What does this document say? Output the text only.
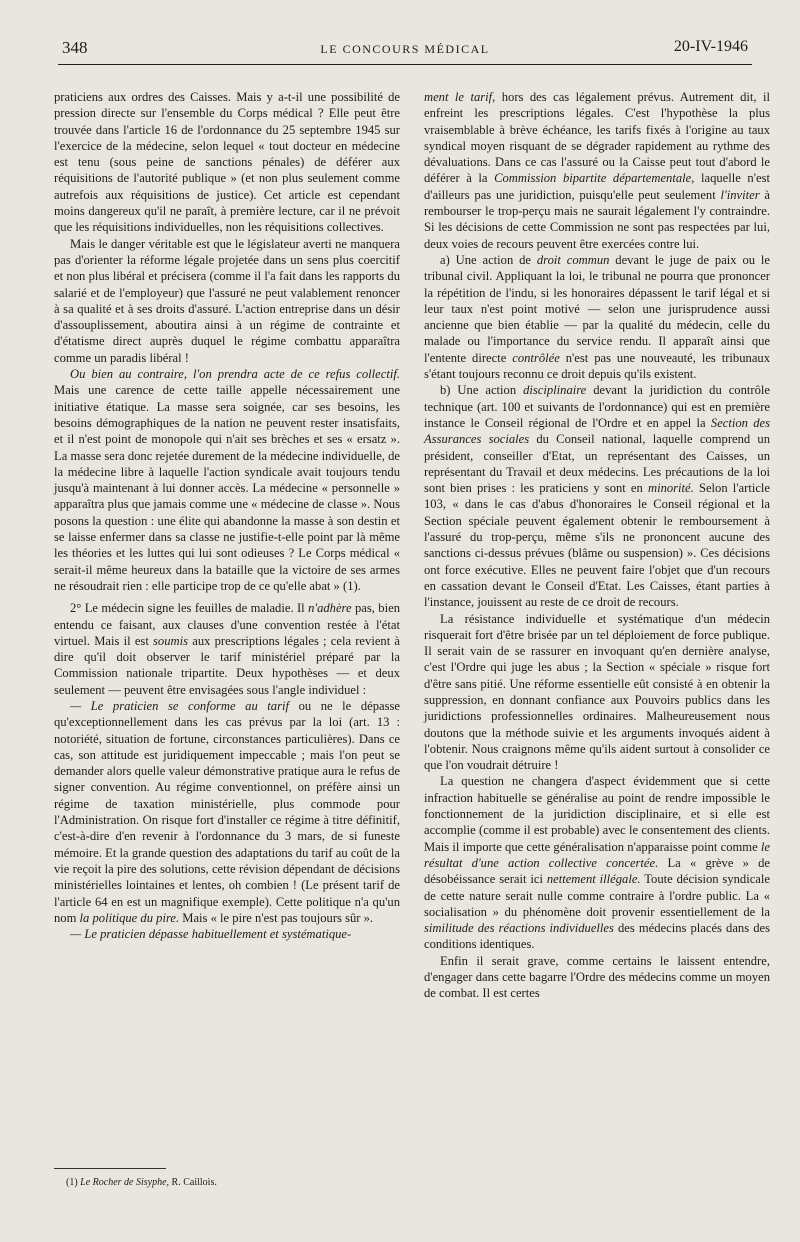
348	LE CONCOURS MÉDICAL	20-IV-1946

praticiens aux ordres des Caisses. Mais y a-t-il une possibilité de pression directe sur l'ensemble du Corps médical ? Elle peut être trouvée dans l'article 16 de l'ordonnance du 25 septembre 1945 sur l'exercice de la médecine, selon lequel « tout docteur en médecine est tenu (sous peine de sanctions pénales) de déférer aux réquisitions de l'autorité publique » (et non plus seulement comme autrefois aux réquisitions de justice). Cet article est cependant moins dangereux qu'il ne paraît, à première lecture, car il ne prévoit que les réquisitions individuelles, non les réquisitions collectives.

Mais le danger véritable est que le législateur averti ne manquera pas d'orienter la réforme légale projetée dans un sens plus coercitif et non plus libéral et précisera (comme il l'a fait dans les rapports du salarié et de l'employeur) que l'assuré ne peut valablement renoncer à sa qualité et à ses droits d'assuré. L'action entreprise dans un désir d'assouplissement, aboutira ainsi à un régime de contrainte et d'étatisme direct auprès duquel le régime combattu apparaîtra comme un paradis libéral !

Ou bien au contraire, l'on prendra acte de ce refus collectif. Mais une carence de cette taille appelle nécessairement une initiative étatique. La masse sera soignée, car ses besoins, les besoins démographiques de la nation ne peuvent rester insatisfaits, et il n'est point de monopole qui n'ait ses brèches et ses « ersatz ». La masse sera donc rejetée durement de la médecine individuelle, de la médecine libre à laquelle l'action syndicale avait toujours tendu jusqu'à maintenant à lui donner accès. La médecine « personnelle » apparaîtra plus que jamais comme une « médecine de classe ». Nous posons la question : une élite qui abandonne la masse à son destin et se laisse enfermer dans sa classe ne justifie-t-elle point par là même les théories et les luttes qui lui sont odieuses ? Le Corps médical « serait-il même heureux dans la bataille que la victoire de ses armes ne résoudrait rien : elle participe trop de ce qu'elle abat » (1).

2° Le médecin signe les feuilles de maladie. Il n'adhère pas, bien entendu ce faisant, aux clauses d'une convention restée à l'état virtuel. Mais il est soumis aux prescriptions légales ; cela revient à dire qu'il doit observer le tarif ministériel préparé par la Commission nationale tripartite. Deux hypothèses — et deux seulement — peuvent être envisagées sous l'angle individuel :

— Le praticien se conforme au tarif ou ne le dépasse qu'exceptionnellement dans les cas prévus par la loi (art. 13 : notoriété, situation de fortune, circonstances particulières). Dans ce cas, son attitude est juridiquement impeccable ; mais l'on peut se demander alors quelle valeur démonstrative pratique aura le refus de signer convention. Au régime conventionnel, on préfère ainsi un régime de taxation ministérielle, plus commode pour l'Administration. On risque fort d'installer ce régime à titre définitif, c'est-à-dire d'en revenir à l'ordonnance du 3 mars, de si funeste mémoire. Et la grande question des adaptations du tarif au coût de la vie reçoit la pire des solutions, cette révision dépendant de décisions ministérielles lointaines et lentes, oh combien ! (Le présent tarif de l'article 64 en est un magnifique exemple). Cette politique n'a qu'un nom la politique du pire. Mais « le pire n'est pas toujours sûr ».

— Le praticien dépasse habituellement et systématique-

ment le tarif, hors des cas légalement prévus. Autrement dit, il enfreint les prescriptions légales. C'est l'hypothèse la plus vraisemblable à brève échéance, les tarifs fixés à l'origine au taux syndical moyen risquant de se dégrader rapidement au rythme des dévaluations. Dans ce cas l'assuré ou la Caisse peut tout d'abord le déférer à la Commission bipartite départementale, laquelle n'est d'ailleurs pas une juridiction, puisqu'elle peut seulement l'inviter à rembourser le trop-perçu mais ne saurait légalement l'y contraindre. Si les décisions de cette Commission ne sont pas respectées par lui, deux voies de recours peuvent être exercées contre lui.

a) Une action de droit commun devant le juge de paix ou le tribunal civil. Appliquant la loi, le tribunal ne pourra que prononcer la répétition de l'indu, si les honoraires dépassent le tarif légal et si leur taux n'est point motivé — selon une jurisprudence aussi ancienne que bien établie — par la qualité du médecin, celle du malade ou l'importance du service rendu. Il apparaît ainsi que l'entente directe contrôlée n'est pas une nouveauté, les tribunaux s'étant toujours reconnu ce droit depuis qu'ils existent.

b) Une action disciplinaire devant la juridiction du contrôle technique (art. 100 et suivants de l'ordonnance) qui est en première instance le Conseil régional de l'Ordre et en appel la Section des Assurances sociales du Conseil national, laquelle comprend un président, conseiller d'Etat, un représentant des Caisses, un représentant du Travail et deux médecins. Les précautions de la loi sont bien prises : les praticiens y sont en minorité. Selon l'article 103, « dans le cas d'abus d'honoraires le Conseil régional et la Section spéciale peuvent également obtenir le remboursement à l'assuré du trop-perçu, même s'ils ne prononcent aucune des sanctions ci-dessus prévues (blâme ou suspension) ». Ces décisions ont force exécutive. Elles ne peuvent faire l'objet que d'un recours en cassation devant le Conseil d'Etat. Les Caisses, étant parties à l'instance, jouissent au reste de ce droit de recours.

La résistance individuelle et systématique d'un médecin risquerait fort d'être brisée par un tel déploiement de force publique. Il serait vain de se rassurer en invoquant qu'en dernière analyse, c'est l'Ordre qui juge les abus ; la Section « spéciale » risque fort d'être sans pitié. Une réforme essentielle eût consisté à en obtenir la suppression, en donnant confiance aux Pouvoirs publics dans les juridictions professionnelles ordinaires. Malheureusement nous doutons que la méthode suivie et les arguments invoqués aident à l'obtenir. Nous craignons même qu'ils aident surtout à consolider ce que l'on voudrait détruire !

La question ne changera d'aspect évidemment que si cette infraction habituelle se généralise au point de rendre impossible le fonctionnement de la juridiction disciplinaire, et si elle est accomplie (comme il est probable) avec le consentement des clients. Mais il importe que cette généralisation n'apparaisse point comme le résultat d'une action collective concertée. La « grève » de désobéissance serait ici nettement illégale. Toute décision syndicale de cette nature serait nulle comme contraire à l'ordre public. La « socialisation » du phénomène doit provenir essentiellement de la similitude des réactions individuelles des médecins placés dans des conditions identiques.

Enfin il serait grave, comme certains le laissent entendre, d'engager dans cette bagarre l'Ordre des médecins comme un moyen de combat. Il est certes

(1) Le Rocher de Sisyphe, R. Caillois.
